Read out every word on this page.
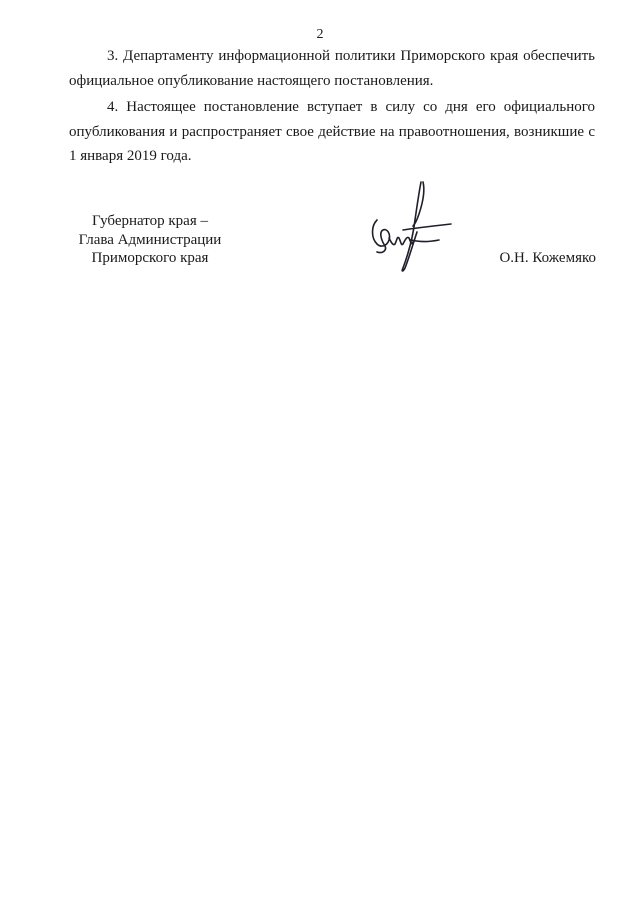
2

3. Департаменту информационной политики Приморского края обеспечить официальное опубликование настоящего постановления.

4. Настоящее постановление вступает в силу со дня его официального опубликования и распространяет свое действие на правоотношения, возникшие с 1 января 2019 года.

Губернатор края –
Глава Администрации
Приморского края	О.Н. Кожемяко
